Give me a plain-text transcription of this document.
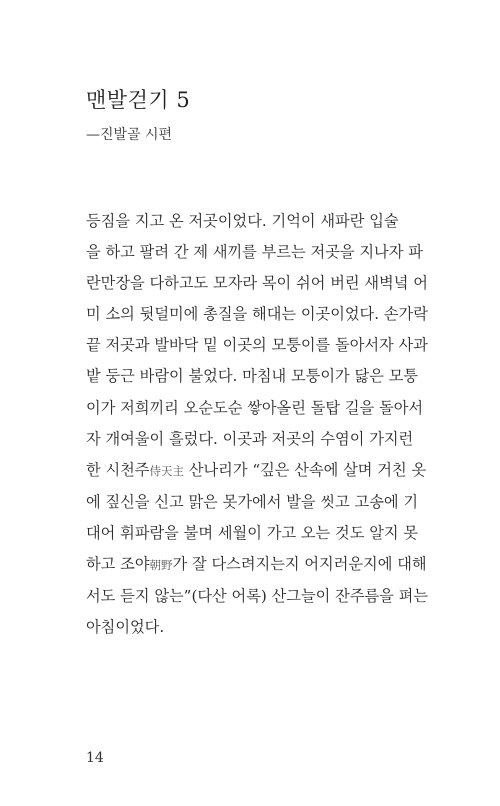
맨발걷기 5
—진발골 시편
등짐을 지고 온 저곳이었다. 기억이 새파란 입술
을 하고 팔려 간 제 새끼를 부르는 저곳을 지나자 파
란만장을 다하고도 모자라 목이 쉬어 버린 새벽녘 어
미 소의 뒷덜미에 총질을 해대는 이곳이었다. 손가락
끝 저곳과 발바닥 밑 이곳의 모퉁이를 돌아서자 사과
밭 둥근 바람이 불었다. 마침내 모퉁이가 닳은 모퉁
이가 저희끼리 오순도순 쌓아올린 돌탑 길을 돌아서
자 개여울이 흘렀다. 이곳과 저곳의 수염이 가지런
한 시천주侍天主 산나리가 “깊은 산속에 살며 거친 옷
에 짚신을 신고 맑은 못가에서 발을 씻고 고송에 기
대어 휘파람을 불며 세월이 가고 오는 것도 알지 못
하고 조야朝野가 잘 다스려지는지 어지러운지에 대해
서도 듣지 않는”(다산 어록) 산그늘이 잔주름을 펴는
아침이었다.
14
